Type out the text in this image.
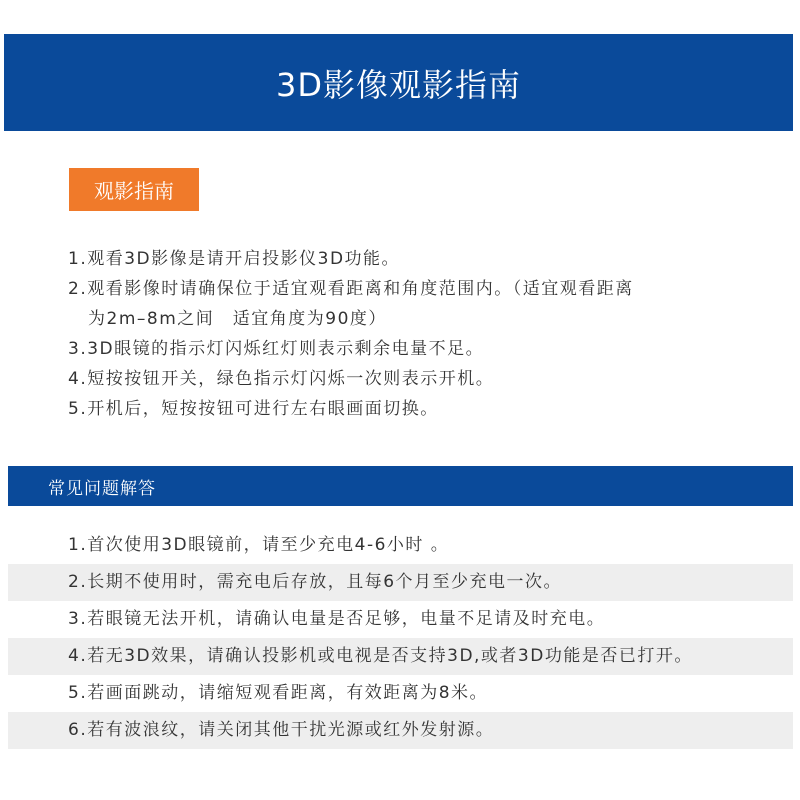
3D影像观影指南
观影指南
1.观看3D影像是请开启投影仪3D功能。
2.观看影像时请确保位于适宜观看距离和角度范围内。（适宜观看距离
为2m–8m之间　适宜角度为90度）
3.3D眼镜的指示灯闪烁红灯则表示剩余电量不足。
4.短按按钮开关，绿色指示灯闪烁一次则表示开机。
5.开机后，短按按钮可进行左右眼画面切换。
常见问题解答
1.首次使用3D眼镜前，请至少充电4-6小时 。
2.长期不使用时，需充电后存放，且每6个月至少充电一次。
3.若眼镜无法开机，请确认电量是否足够，电量不足请及时充电。
4.若无3D效果，请确认投影机或电视是否支持3D,或者3D功能是否已打开。
5.若画面跳动，请缩短观看距离，有效距离为8米。
6.若有波浪纹，请关闭其他干扰光源或红外发射源。
